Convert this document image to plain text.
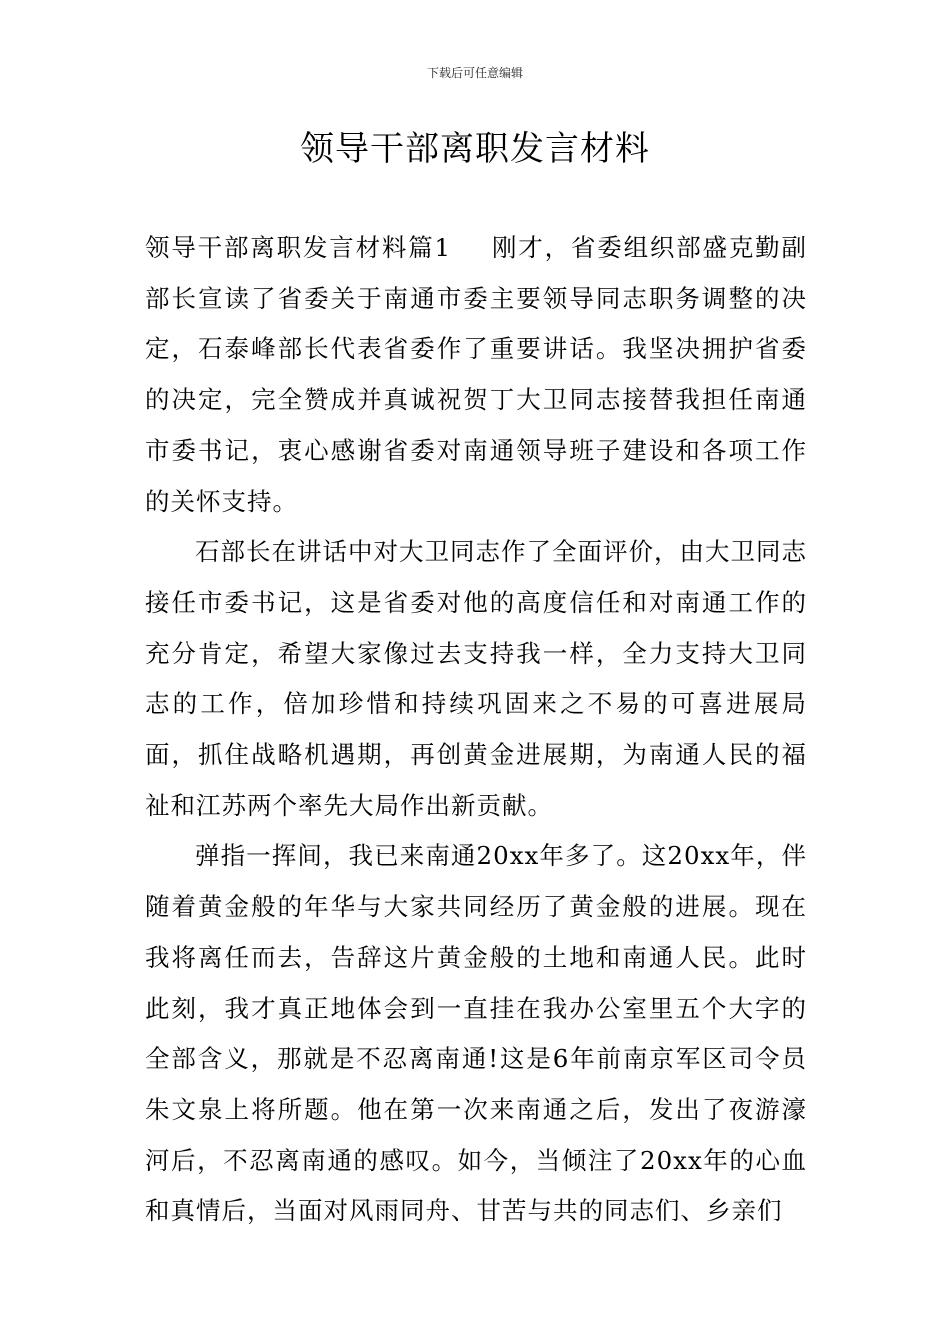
下载后可任意编辑
领导干部离职发言材料

领导干部离职发言材料篇1 刚才，省委组织部盛克勤副部长宣读了省委关于南通市委主要领导同志职务调整的决定，石泰峰部长代表省委作了重要讲话。我坚决拥护省委的决定，完全赞成并真诚祝贺丁大卫同志接替我担任南通市委书记，衷心感谢省委对南通领导班子建设和各项工作的关怀支持。

石部长在讲话中对大卫同志作了全面评价，由大卫同志接任市委书记，这是省委对他的高度信任和对南通工作的充分肯定，希望大家像过去支持我一样，全力支持大卫同志的工作，倍加珍惜和持续巩固来之不易的可喜进展局面，抓住战略机遇期，再创黄金进展期，为南通人民的福祉和江苏两个率先大局作出新贡献。

弹指一挥间，我已来南通20xx年多了。这20xx年，伴随着黄金般的年华与大家共同经历了黄金般的进展。现在我将离任而去，告辞这片黄金般的土地和南通人民。此时此刻，我才真正地体会到一直挂在我办公室里五个大字的全部含义，那就是不忍离南通!这是6年前南京军区司令员朱文泉上将所题。他在第一次来南通之后，发出了夜游濠河后，不忍离南通的感叹。如今，当倾注了20xx年的心血和真情后，当面对风雨同舟、甘苦与共的同志们、乡亲们
